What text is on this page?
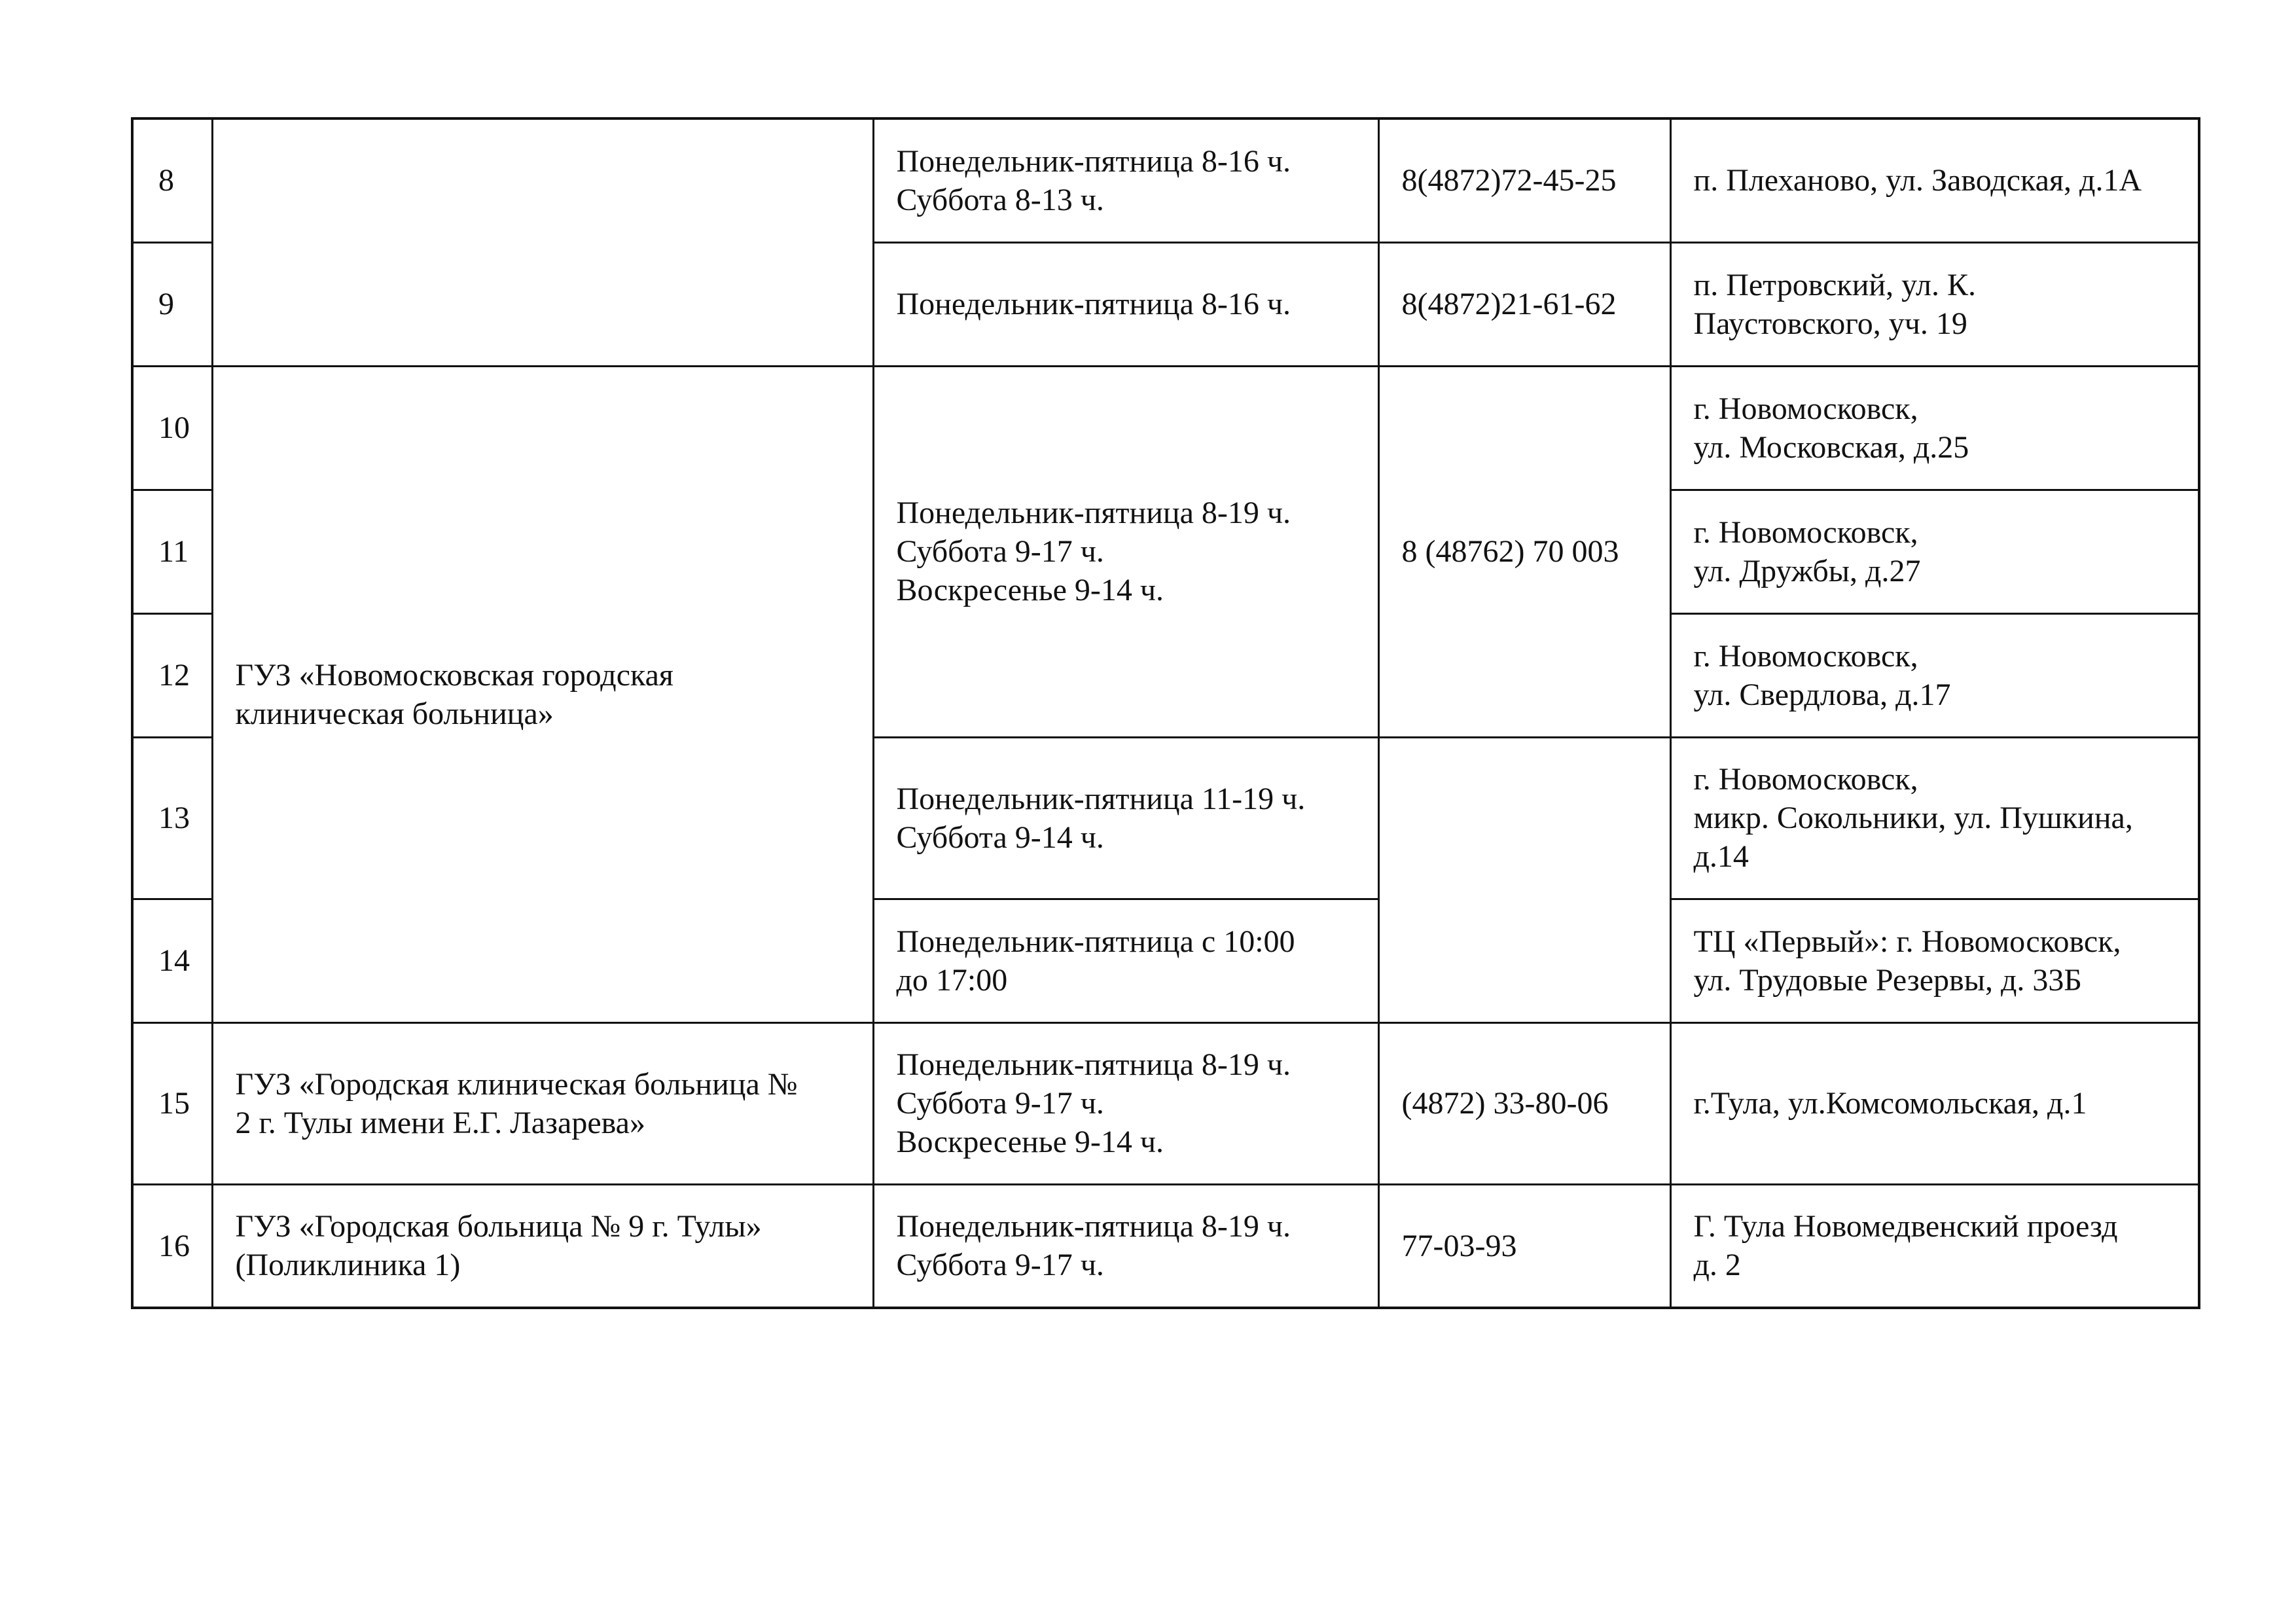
8		Понедельник-пятница 8-16 ч.
Суббота 8-13 ч.	8(4872)72-45-25	п. Плеханово, ул. Заводская, д.1А

9		Понедельник-пятница 8-16 ч.	8(4872)21-61-62	п. Петровский, ул. К.
Паустовского, уч. 19

10	ГУЗ «Новомосковская городская
клиническая больница»	Понедельник-пятница 8-19 ч.
Суббота 9-17 ч.
Воскресенье 9-14 ч.	8 (48762) 70 003	г. Новомосковск,
ул. Московская, д.25

11				г. Новомосковск,
ул. Дружбы, д.27

12				г. Новомосковск,
ул. Свердлова, д.17

13		Понедельник-пятница 11-19 ч.
Суббота 9-14 ч.		г. Новомосковск,
микр. Сокольники, ул. Пушкина,
д.14

14		Понедельник-пятница с 10:00
до 17:00		ТЦ «Первый»: г. Новомосковск,
ул. Трудовые Резервы, д. 33Б

15	ГУЗ «Городская клиническая больница №
2 г. Тулы имени Е.Г. Лазарева»	Понедельник-пятница 8-19 ч.
Суббота 9-17 ч.
Воскресенье 9-14 ч.	(4872) 33-80-06	г.Тула, ул.Комсомольская, д.1

16	ГУЗ «Городская больница № 9 г. Тулы»
(Поликлиника 1)	Понедельник-пятница 8-19 ч.
Суббота 9-17 ч.	77-03-93	Г. Тула Новомедвенский проезд
д. 2
